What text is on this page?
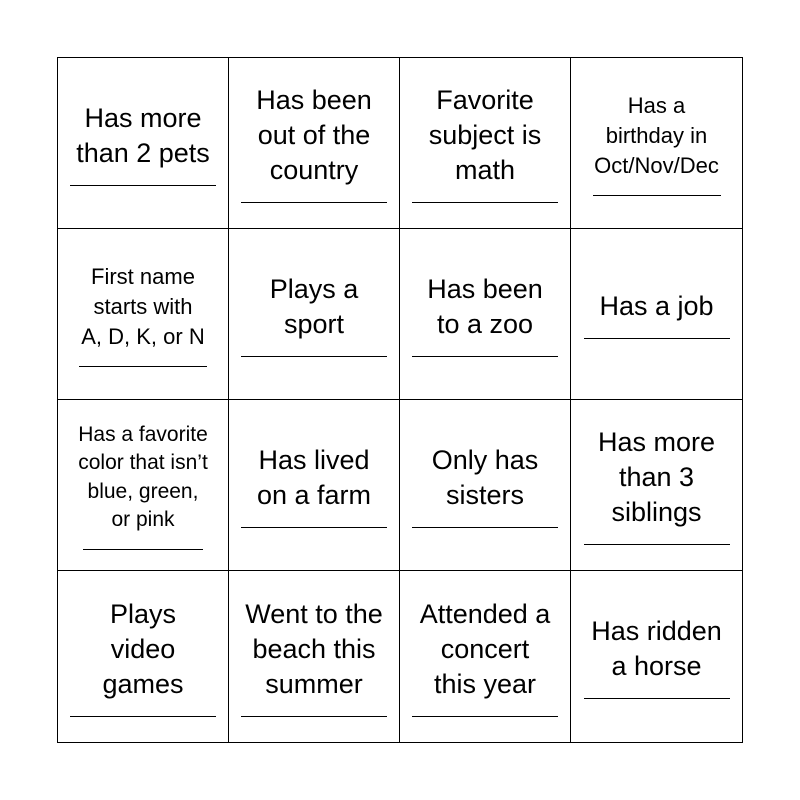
Has more
than 2 pets
Has been
out of the
country
Favorite
subject is
math
Has a
birthday in
Oct/Nov/Dec
First name
starts with
A, D, K, or N
Plays a
sport
Has been
to a zoo
Has a job
Has a favorite
color that isn’t
blue, green,
or pink
Has lived
on a farm
Only has
sisters
Has more
than 3
siblings
Plays
video
games
Went to the
beach this
summer
Attended a
concert
this year
Has ridden
a horse
